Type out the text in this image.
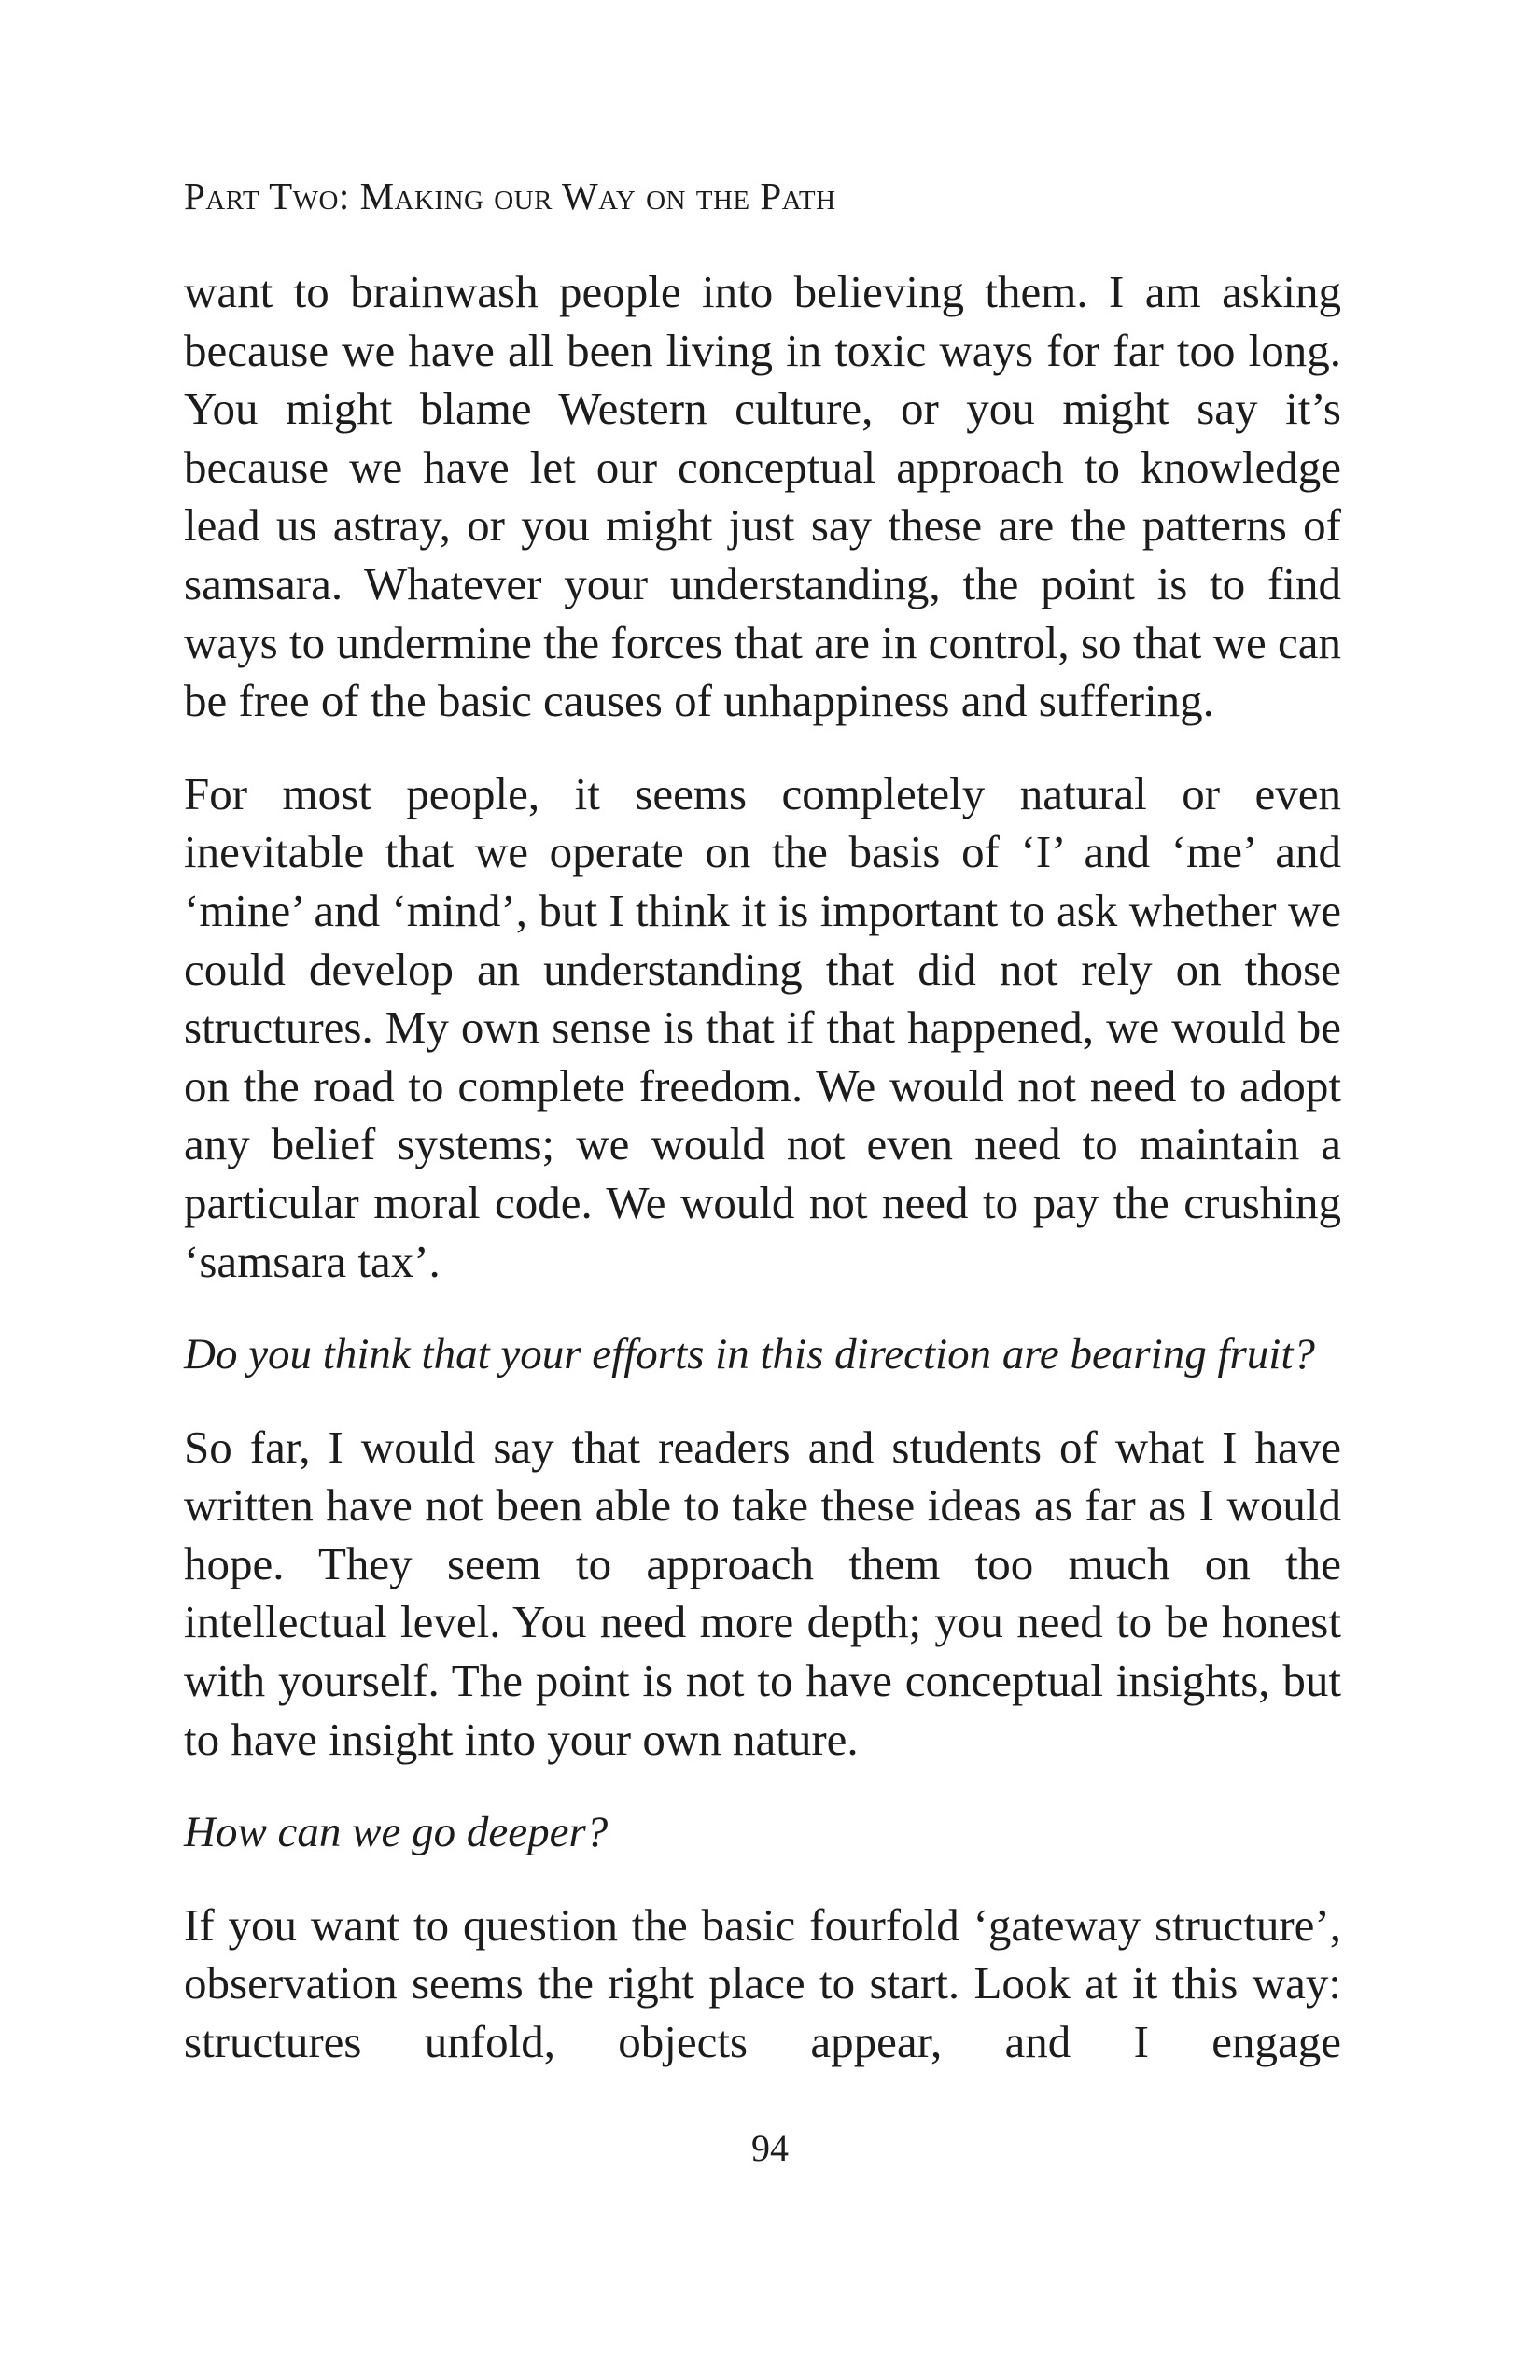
Part Two: Making our Way on the Path

want to brainwash people into believing them. I am asking because we have all been living in toxic ways for far too long. You might blame Western culture, or you might say it’s because we have let our conceptual approach to knowledge lead us astray, or you might just say these are the patterns of samsara. Whatever your understanding, the point is to find ways to undermine the forces that are in control, so that we can be free of the basic causes of unhappiness and suffering.

For most people, it seems completely natural or even inevitable that we operate on the basis of ‘I’ and ‘me’ and ‘mine’ and ‘mind’, but I think it is important to ask whether we could develop an understanding that did not rely on those structures. My own sense is that if that happened, we would be on the road to complete freedom. We would not need to adopt any belief systems; we would not even need to maintain a particular moral code. We would not need to pay the crushing ‘samsara tax’.

Do you think that your efforts in this direction are bearing fruit?

So far, I would say that readers and students of what I have written have not been able to take these ideas as far as I would hope. They seem to approach them too much on the intellectual level. You need more depth; you need to be honest with yourself. The point is not to have conceptual insights, but to have insight into your own nature.

How can we go deeper?

If you want to question the basic fourfold ‘gateway structure’, observation seems the right place to start. Look at it this way: structures unfold, objects appear, and I engage

94
